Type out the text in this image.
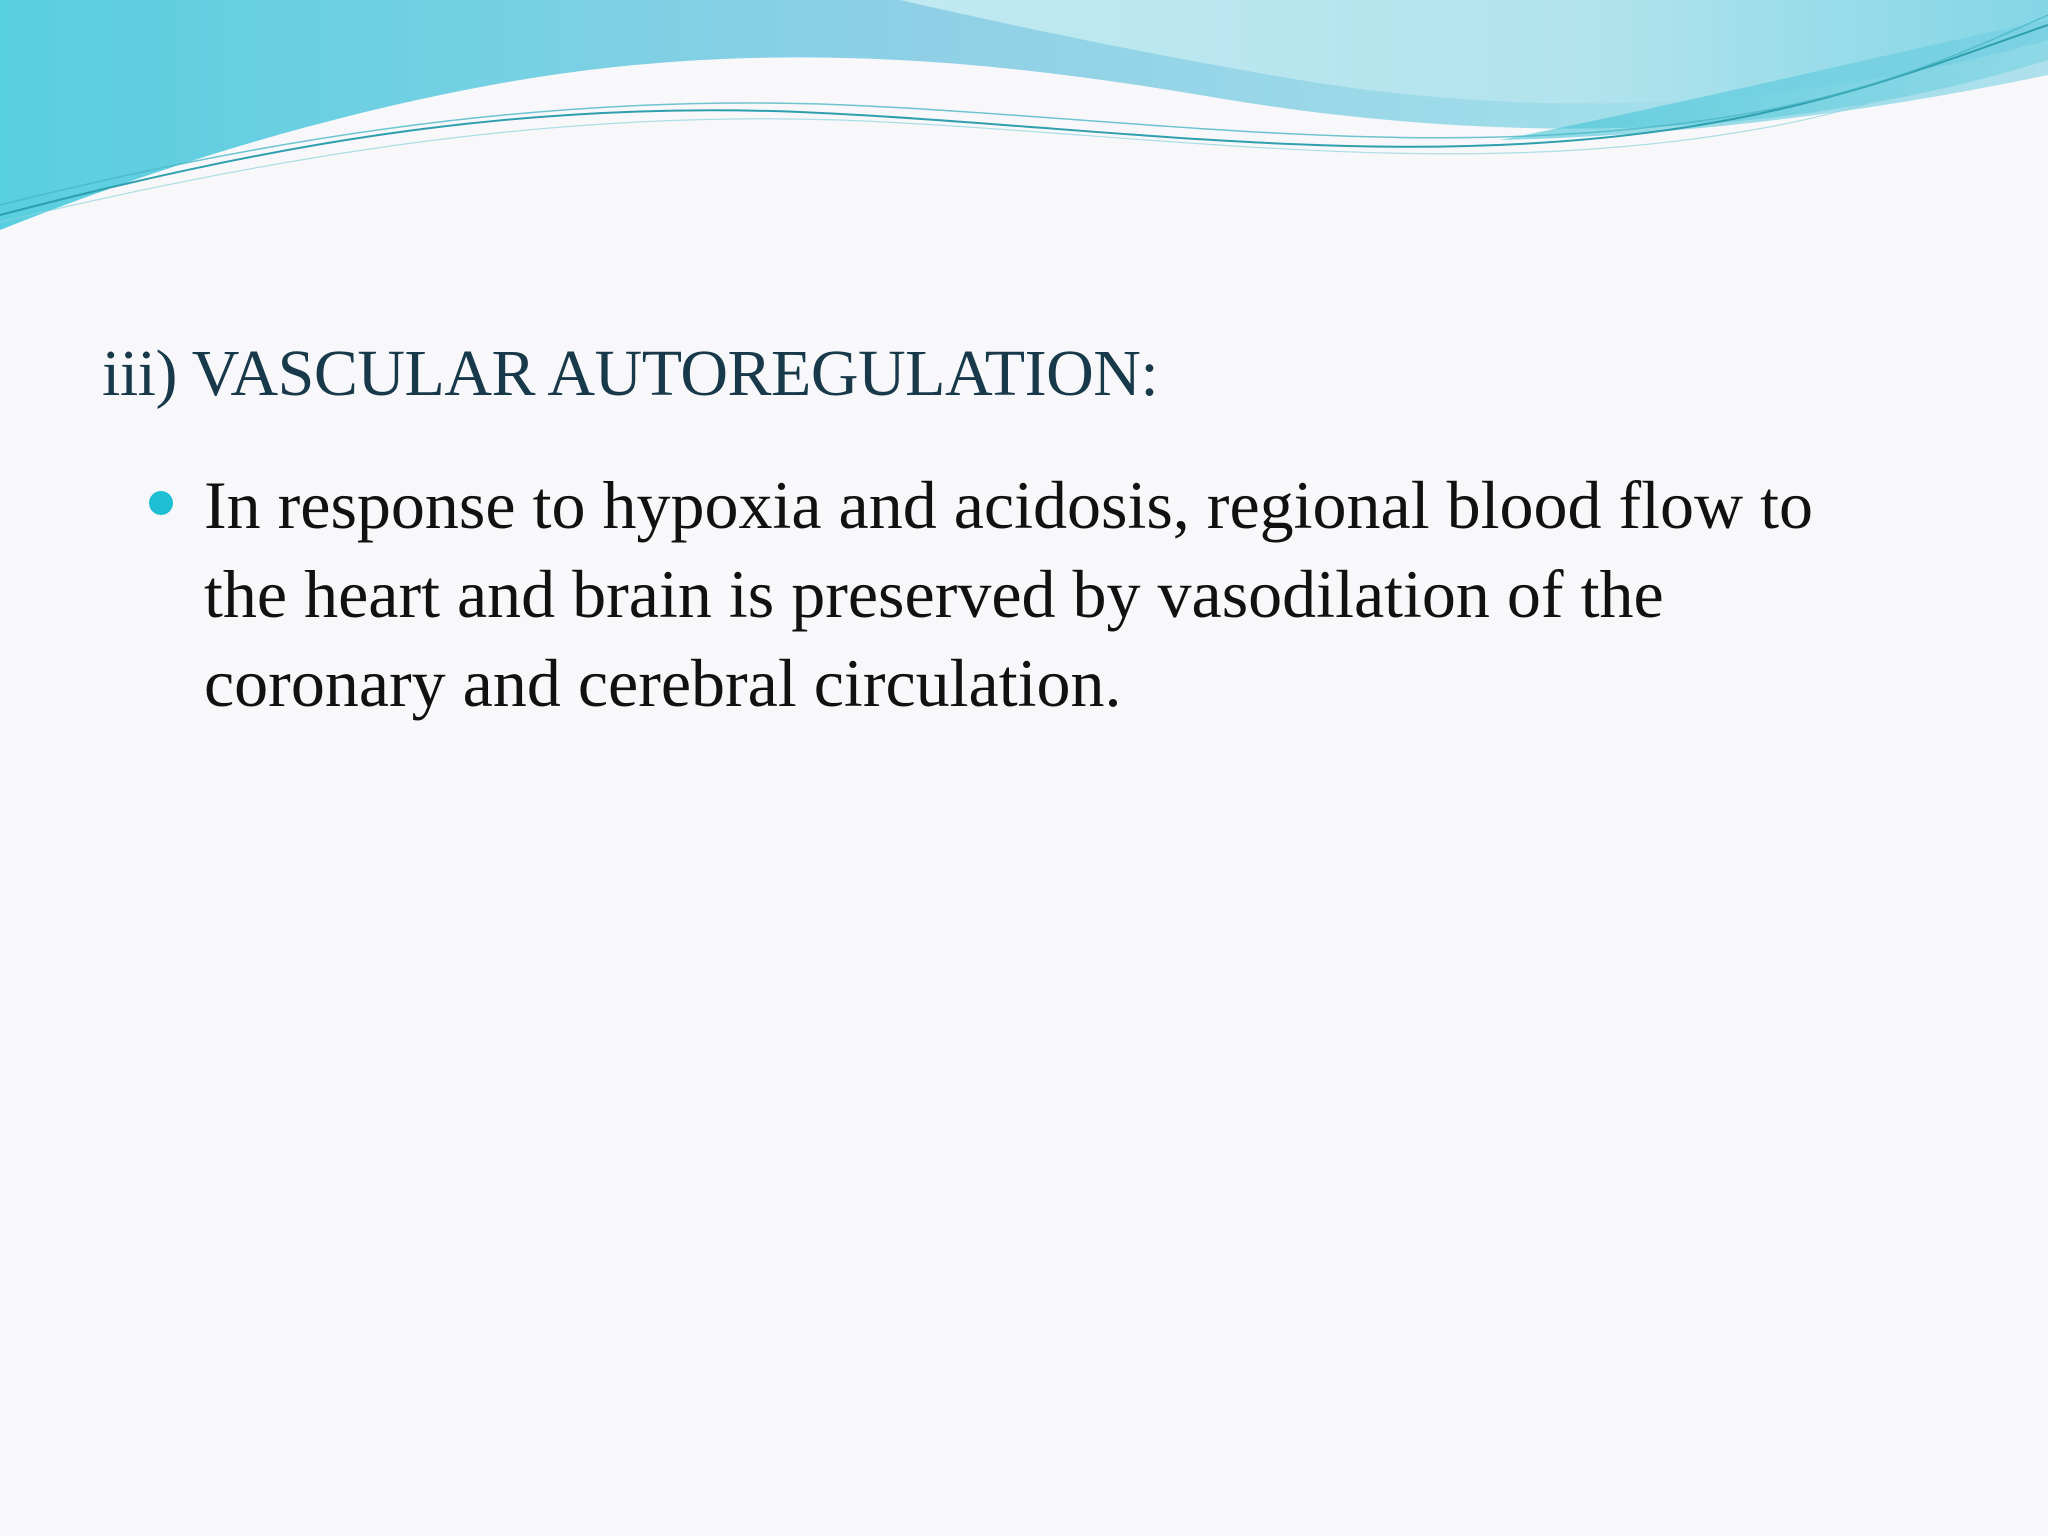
iii) VASCULAR AUTOREGULATION:
In response to hypoxia and acidosis, regional blood flow to the heart and brain is preserved by vasodilation of the coronary and cerebral circulation.
